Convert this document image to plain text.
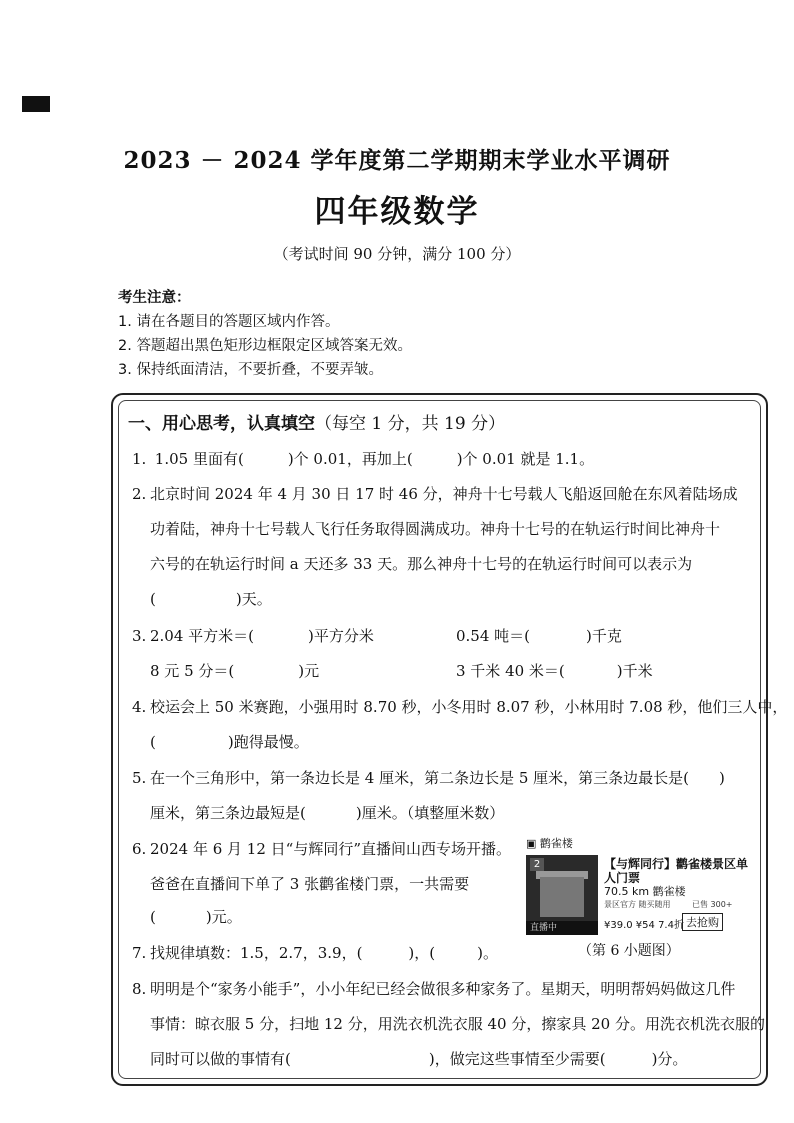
2023 － 2024 学年度第二学期期末学业水平调研
四年级数学
（考试时间 90 分钟，满分 100 分）
考生注意：
1. 请在各题目的答题区域内作答。
2. 答题超出黑色矩形边框限定区域答案无效。
3. 保持纸面清洁，不要折叠，不要弄皱。
一、用心思考，认真填空（每空 1 分，共 19 分）
1. 1.05 里面有(	)个 0.01，再加上(	)个 0.01 就是 1.1。
2. 北京时间 2024 年 4 月 30 日 17 时 46 分，神舟十七号载人飞船返回舱在东风着陆场成
功着陆，神舟十七号载人飞行任务取得圆满成功。神舟十七号的在轨运行时间比神舟十
六号的在轨运行时间 a 天还多 33 天。那么神舟十七号的在轨运行时间可以表示为
(	)天。
3. 2.04 平方米＝(	)平方分米	0.54 吨＝(	)千克
8 元 5 分＝(	)元	3 千米 40 米＝(	)千米
4. 校运会上 50 米赛跑，小强用时 8.70 秒，小冬用时 8.07 秒，小林用时 7.08 秒，他们三人中，
(	)跑得最慢。
5. 在一个三角形中，第一条边长是 4 厘米，第二条边长是 5 厘米，第三条边最长是( )
厘米，第三条边最短是(	)厘米。（填整厘米数）
6. 2024 年 6 月 12 日“与辉同行”直播间山西专场开播。
爸爸在直播间下单了 3 张鹳雀楼门票，一共需要
(	)元。
▣ 鹳雀楼
2
直播中
【与辉同行】鹳雀楼景区单人门票
70.5 km 鹳雀楼
景区官方 随买随用
¥39.0 ¥54 7.4折
已售 300+
去抢购
（第 6 小题图）
7. 找规律填数：1.5，2.7，3.9，(	)，(	)。
8. 明明是个“家务小能手”，小小年纪已经会做很多种家务了。星期天，明明帮妈妈做这几件
事情：晾衣服 5 分，扫地 12 分，用洗衣机洗衣服 40 分，擦家具 20 分。用洗衣机洗衣服的
同时可以做的事情有(	)，做完这些事情至少需要(	)分。
